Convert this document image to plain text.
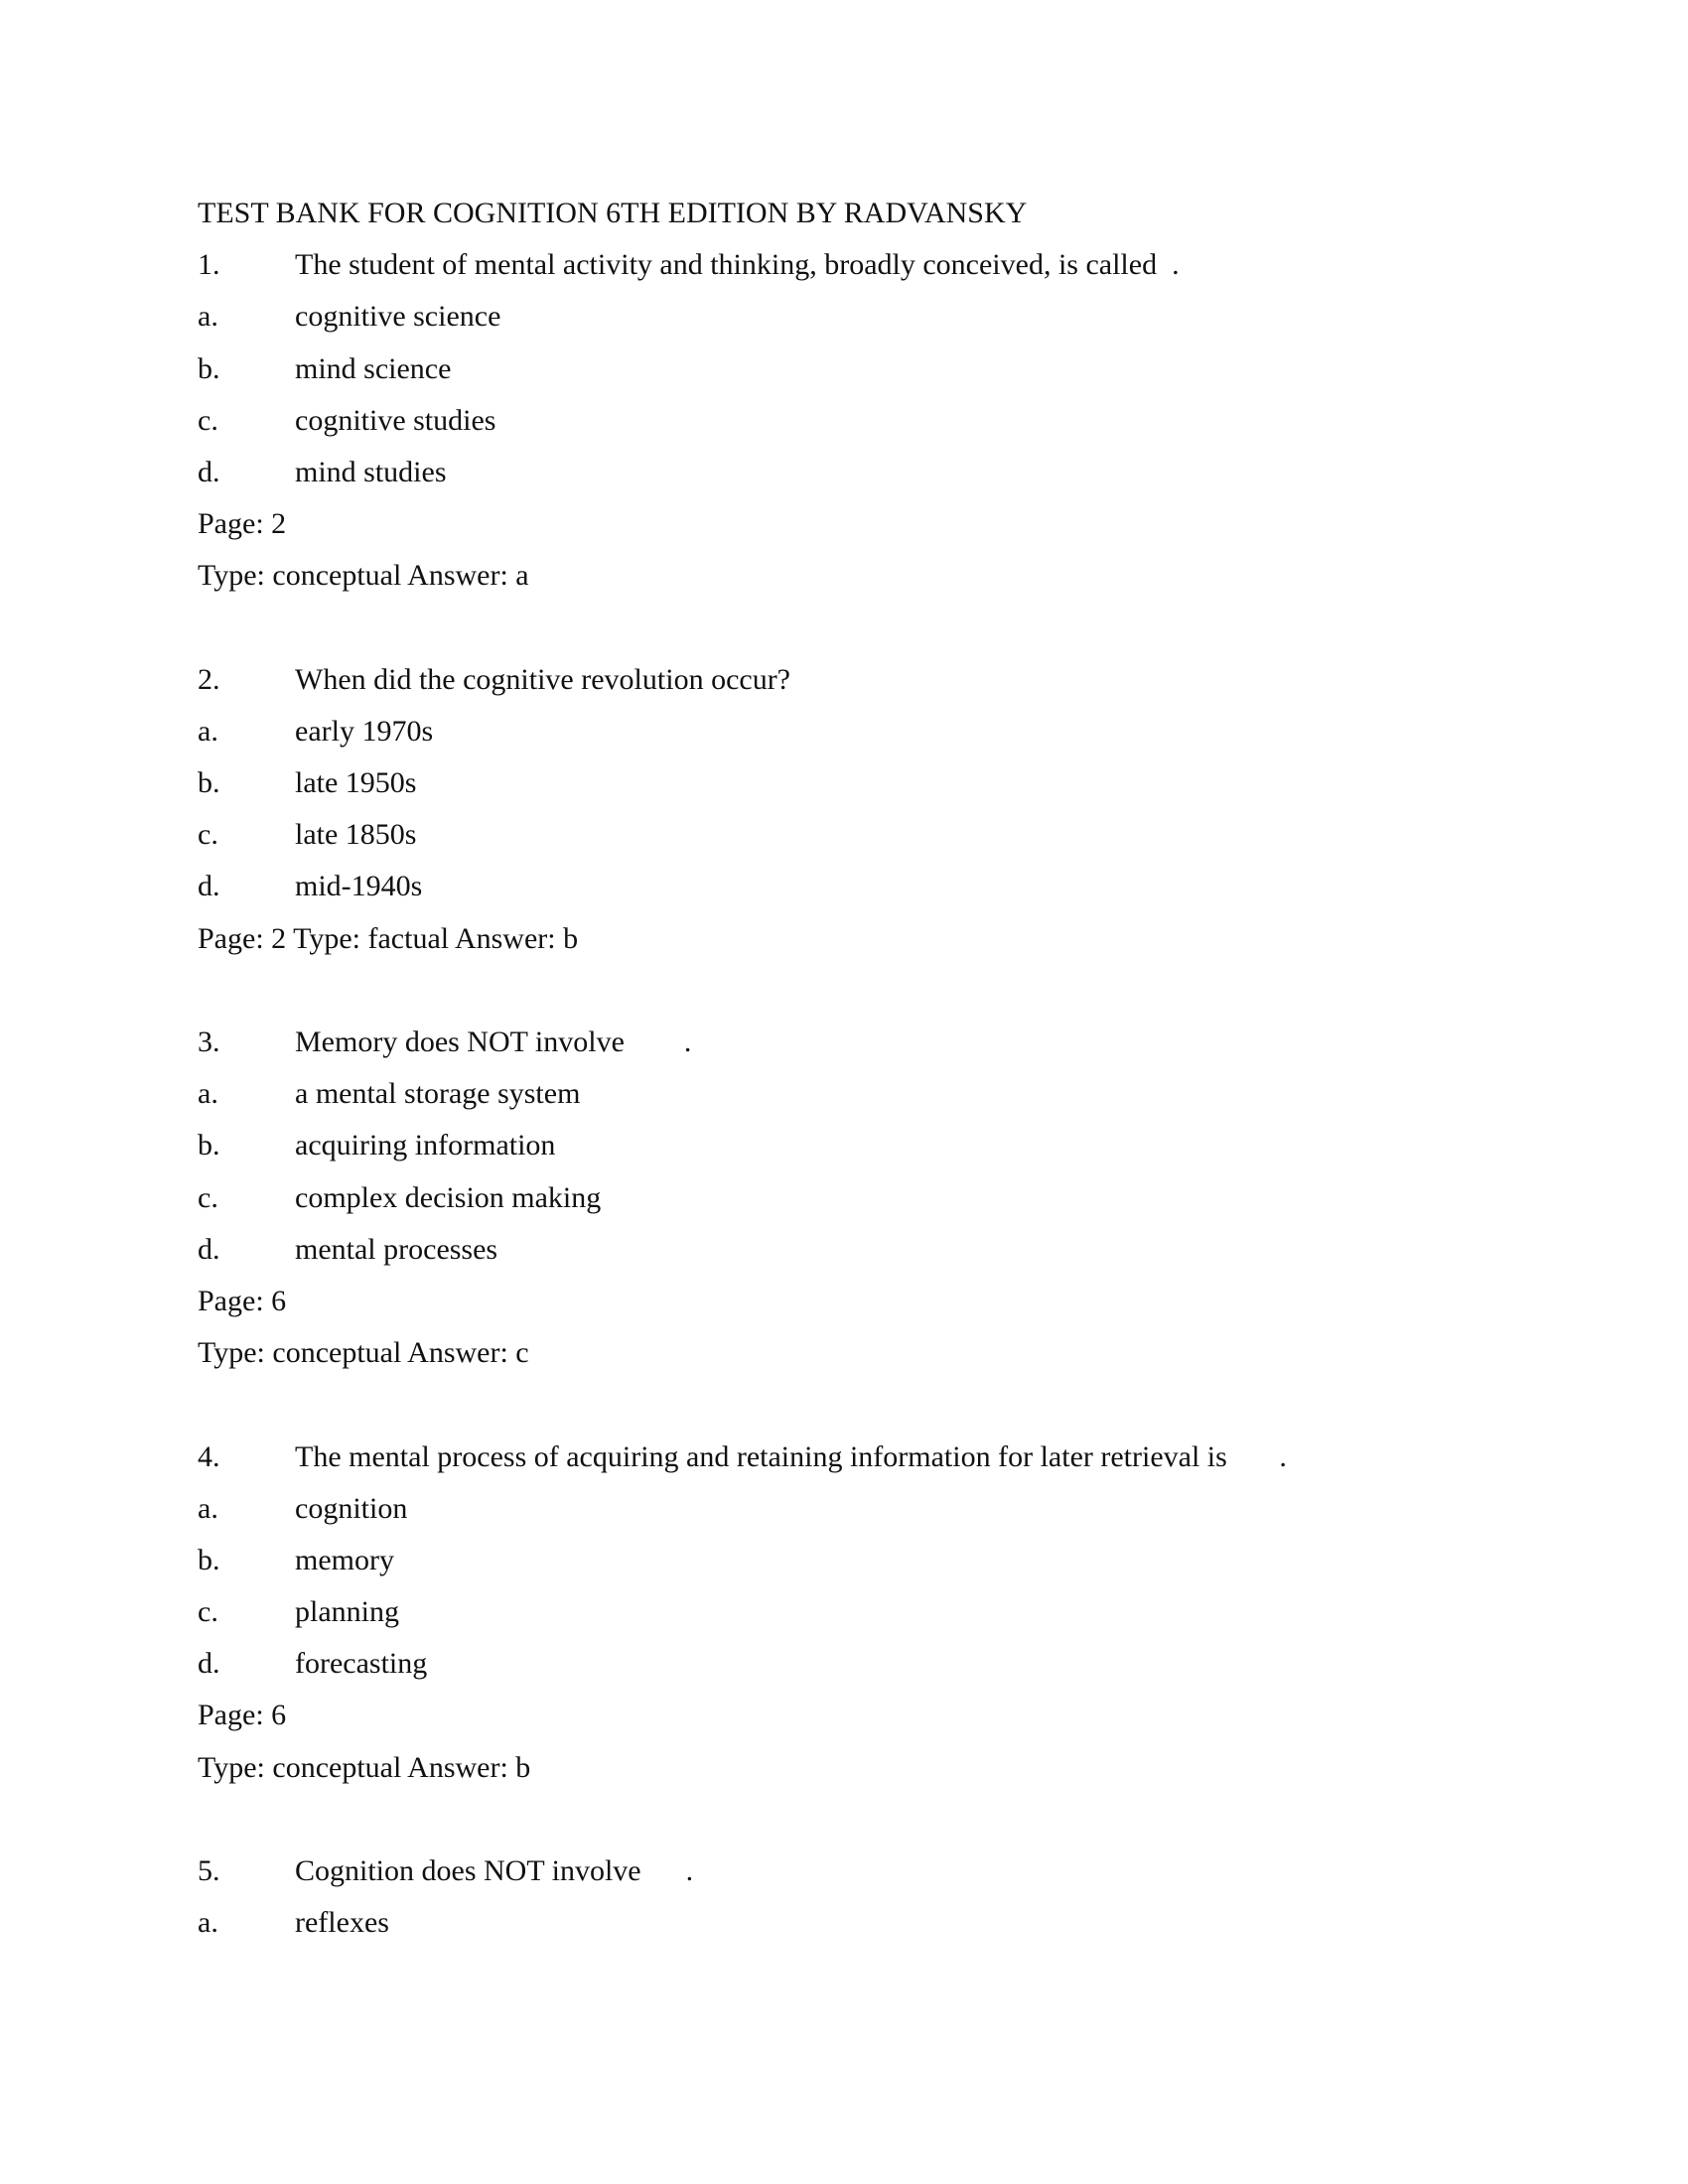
TEST BANK FOR COGNITION 6TH EDITION BY RADVANSKY
1.	The student of mental activity and thinking, broadly conceived, is called  .
a.	cognitive science
b.	mind science
c.	cognitive studies
d.	mind studies
Page: 2
Type: conceptual Answer: a
2.	When did the cognitive revolution occur?
a.	early 1970s
b.	late 1950s
c.	late 1850s
d.	mid-1940s
Page: 2 Type: factual Answer: b
3.	Memory does NOT involve        .
a.	a mental storage system
b.	acquiring information
c.	complex decision making
d.	mental processes
Page: 6
Type: conceptual Answer: c
4.	The mental process of acquiring and retaining information for later retrieval is       .
a.	cognition
b.	memory
c.	planning
d.	forecasting
Page: 6
Type: conceptual Answer: b
5.	Cognition does NOT involve      .
a.	reflexes
